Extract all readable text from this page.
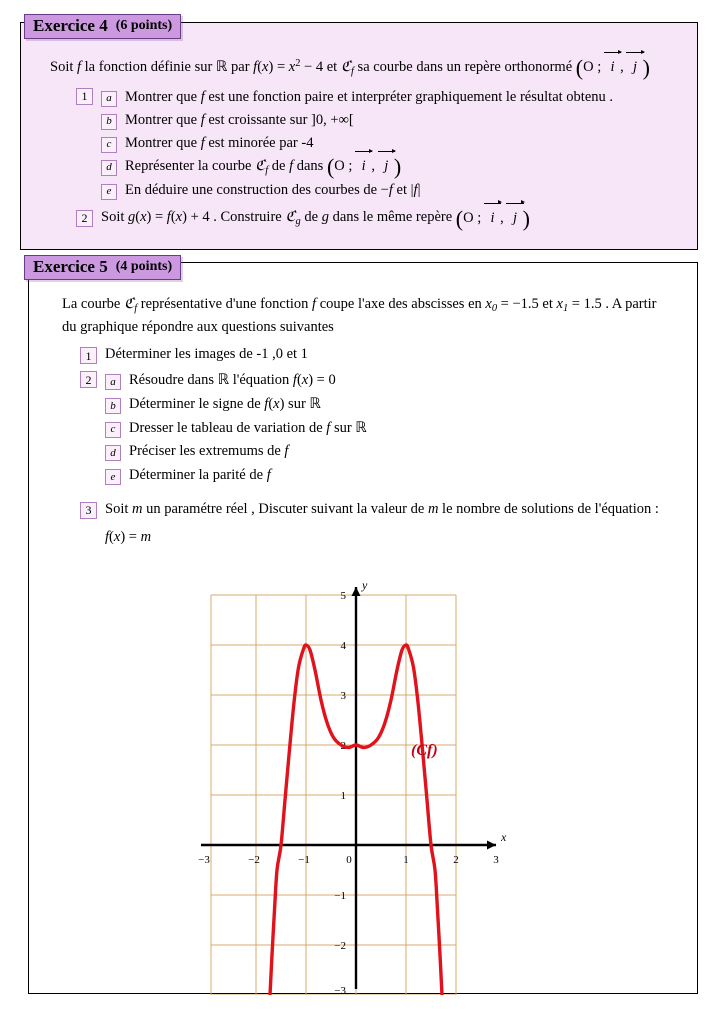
Exercice 4 (6 points)
Soit f la fonction définie sur ℝ par $f(x) = x^2 - 4$ et ℭ$_f$ sa courbe dans un repère orthonormé (O ;  i ,  j )
1	a Montrer que f est une fonction paire et interpréter graphiquement le résultat obtenu .
b Montrer que f est croissante sur ]0, +∞[
c Montrer que f est minorée par -4
d Représenter la courbe ℭ$_f$ de f dans (O ;  i ,  j )
e En déduire une construction des courbes de −f et |f|
2 Soit g(x) = f(x) + 4 . Construire ℭ$_g$ de g dans le même repère (O ;  i ,  j )
Exercice 5 (4 points)
La courbe ℭ$_f$ représentative d'une fonction f coupe l'axe des abscisses en $x_0 = -1.5$ et $x_1 = 1.5$ . A partir
du graphique répondre aux questions suivantes
1 Déterminer les images de -1 ,0 et 1
2	a Résoudre dans ℝ l'équation f(x) = 0
b Déterminer le signe de f(x) sur ℝ
c Dresser le tableau de variation de f sur ℝ
d Préciser les extremums de f
e Déterminer la parité de f
3 Soit m un paramétre réel , Discuter suivant la valeur de m le nombre de solutions de l'équation :
f(x) = m
x
y
−3	−2	−1	0	1	2	3
5
4
3
2
1
−1
−2
−3
(Cf)
